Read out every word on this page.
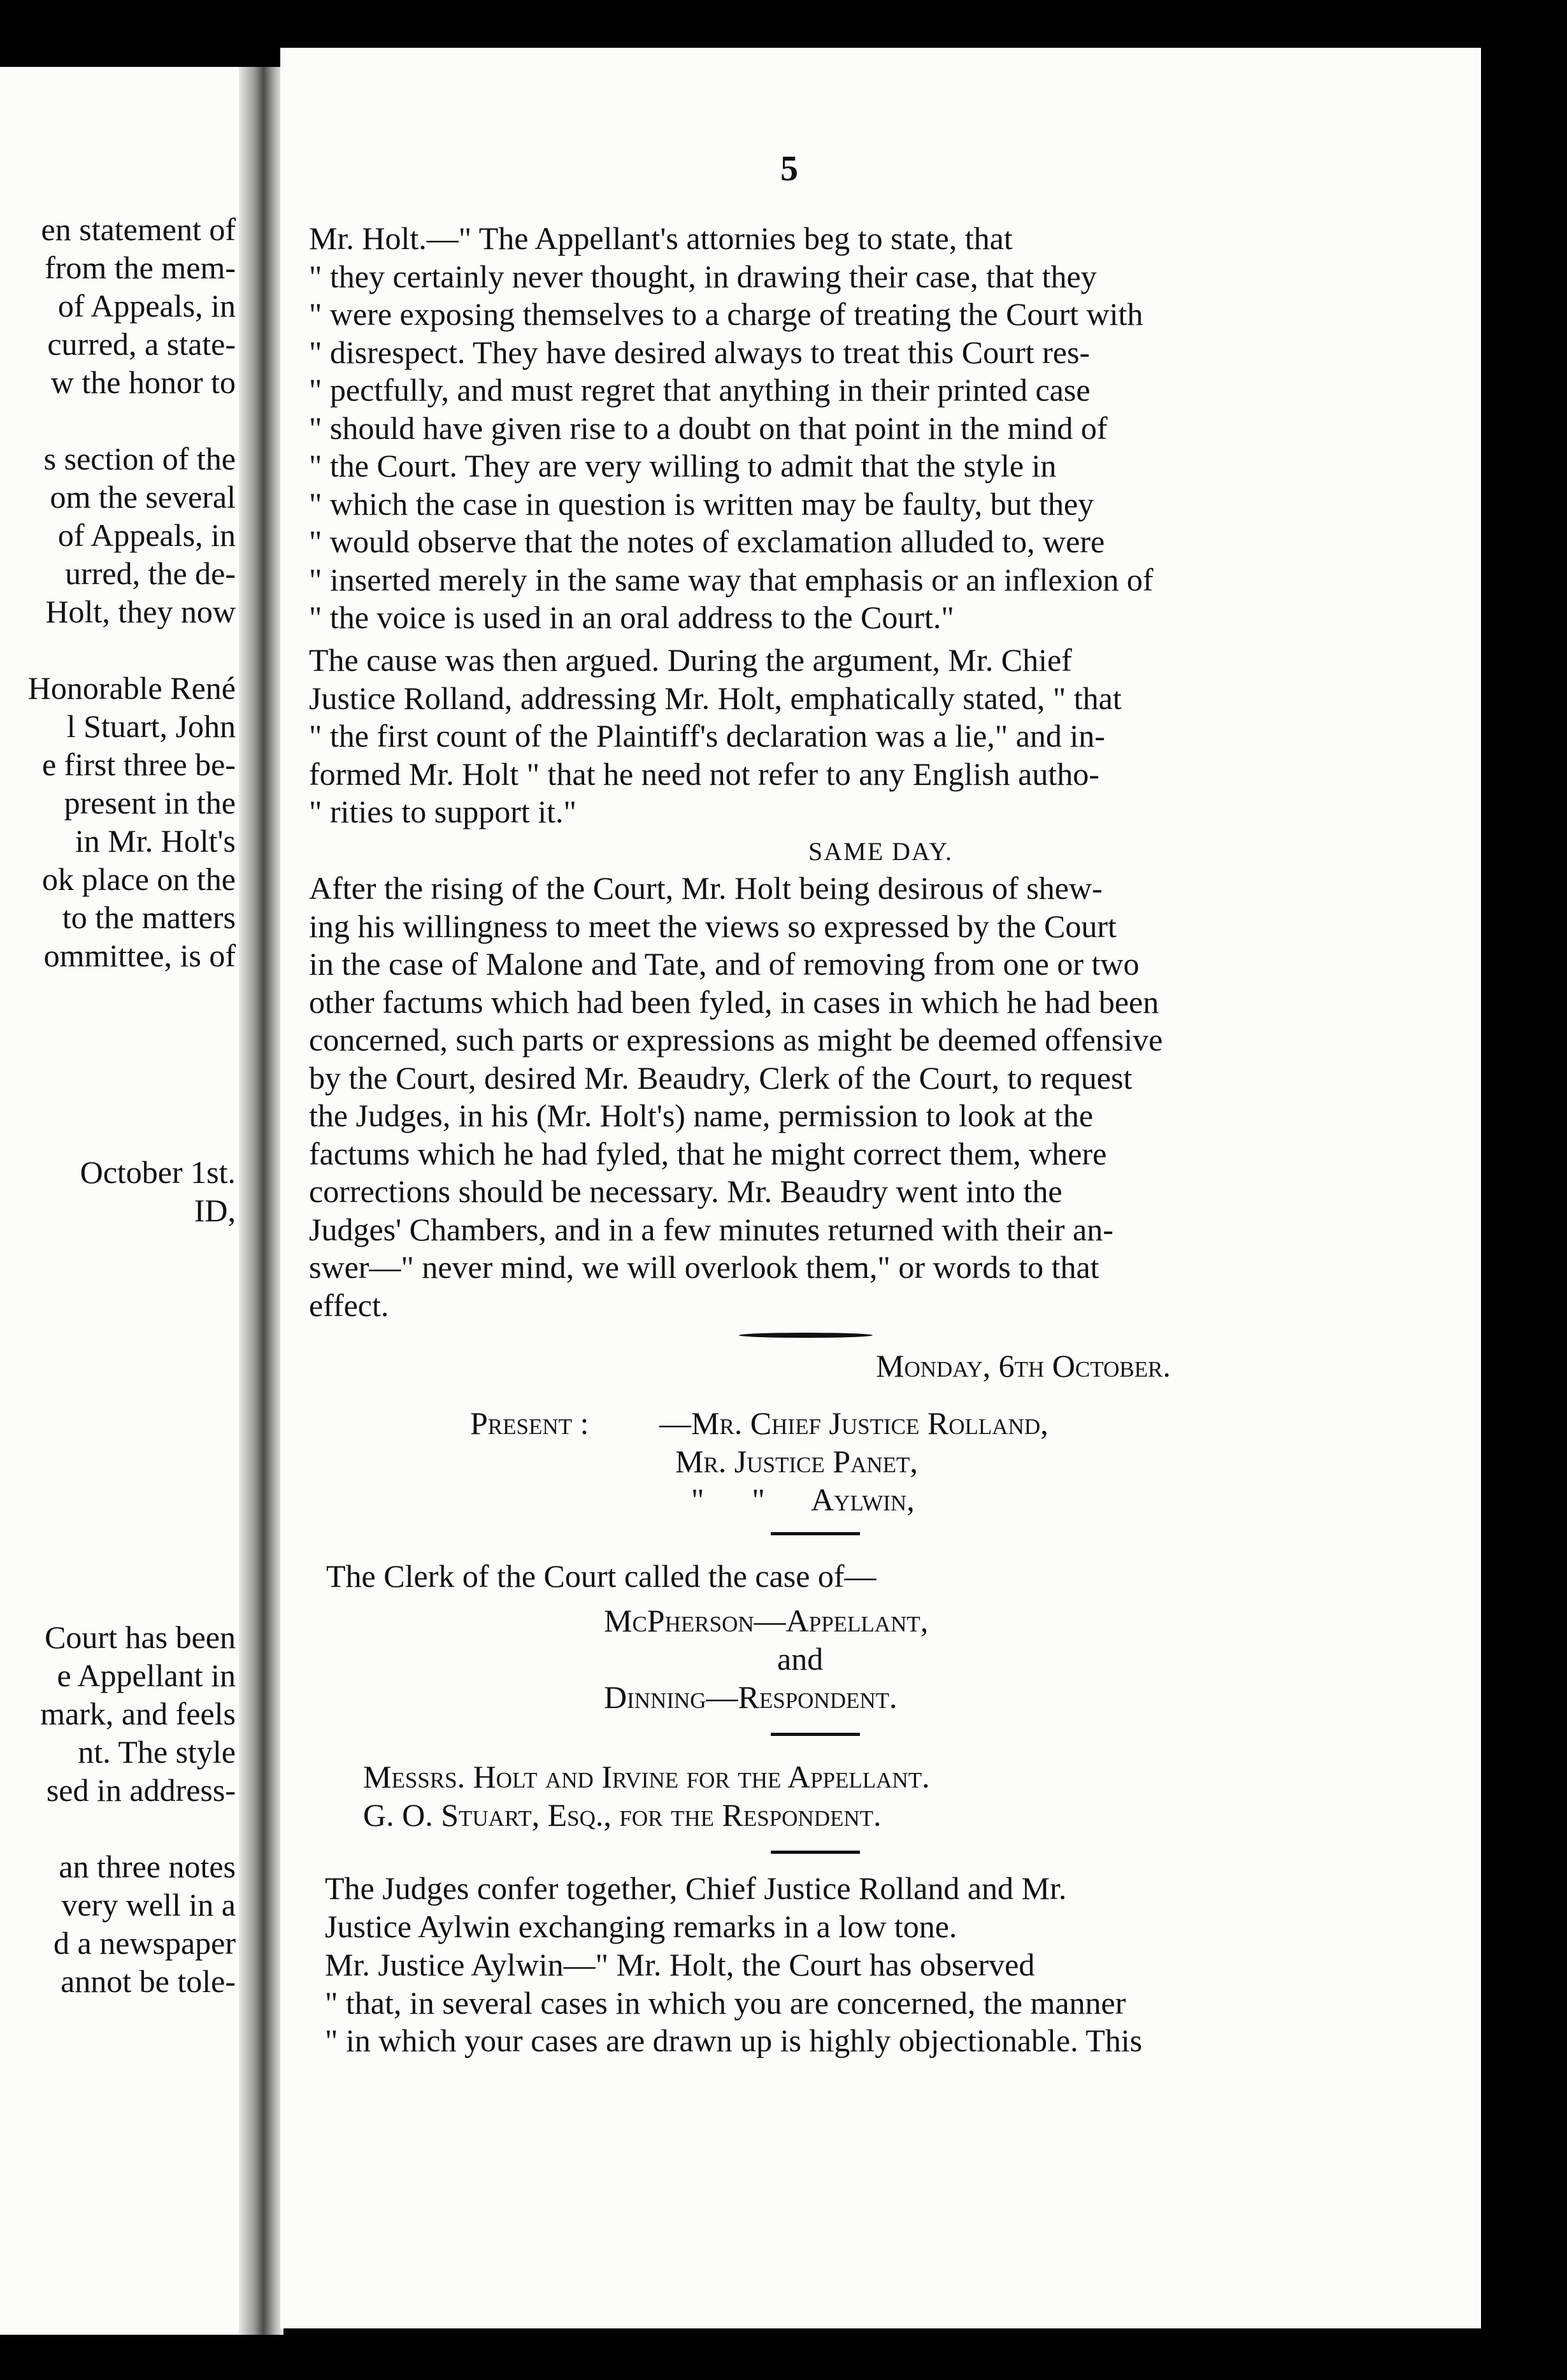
en statement of
from the mem-
of Appeals, in
curred, a state-
w the honor to
s section of the
om the several
of Appeals, in
urred, the de-
Holt, they now
Honorable René
l Stuart, John
e first three be-
present in the
in Mr. Holt's
ok place on the
to the matters
ommittee, is of
October 1st.
ID,
Court has been
e Appellant in
mark, and feels
nt. The style
sed in address-
an three notes
very well in a
d a newspaper
annot be tole-
5
Mr. Holt.—" The Appellant's attornies beg to state, that
" they certainly never thought, in drawing their case, that they
" were exposing themselves to a charge of treating the Court with
" disrespect. They have desired always to treat this Court res-
" pectfully, and must regret that anything in their printed case
" should have given rise to a doubt on that point in the mind of
" the Court. They are very willing to admit that the style in
" which the case in question is written may be faulty, but they
" would observe that the notes of exclamation alluded to, were
" inserted merely in the same way that emphasis or an inflexion of
" the voice is used in an oral address to the Court."
The cause was then argued. During the argument, Mr. Chief
Justice Rolland, addressing Mr. Holt, emphatically stated, " that
" the first count of the Plaintiff's declaration was a lie," and in-
formed Mr. Holt " that he need not refer to any English autho-
" rities to support it."
SAME DAY.
After the rising of the Court, Mr. Holt being desirous of shew-
ing his willingness to meet the views so expressed by the Court
in the case of Malone and Tate, and of removing from one or two
other factums which had been fyled, in cases in which he had been
concerned, such parts or expressions as might be deemed offensive
by the Court, desired Mr. Beaudry, Clerk of the Court, to request
the Judges, in his (Mr. Holt's) name, permission to look at the
factums which he had fyled, that he might correct them, where
corrections should be necessary. Mr. Beaudry went into the
Judges' Chambers, and in a few minutes returned with their an-
swer—" never mind, we will overlook them," or words to that
effect.
Monday, 6th October.
Present : —Mr. Chief Justice Rolland,
Mr. Justice Panet,
"      "      Aylwin,
The Clerk of the Court called the case of—
McPherson—Appellant,
and
Dinning—Respondent.
Messrs. Holt and Irvine for the Appellant.
G. O. Stuart, Esq., for the Respondent.
The Judges confer together, Chief Justice Rolland and Mr.
Justice Aylwin exchanging remarks in a low tone.
Mr. Justice Aylwin—" Mr. Holt, the Court has observed
" that, in several cases in which you are concerned, the manner
" in which your cases are drawn up is highly objectionable. This
